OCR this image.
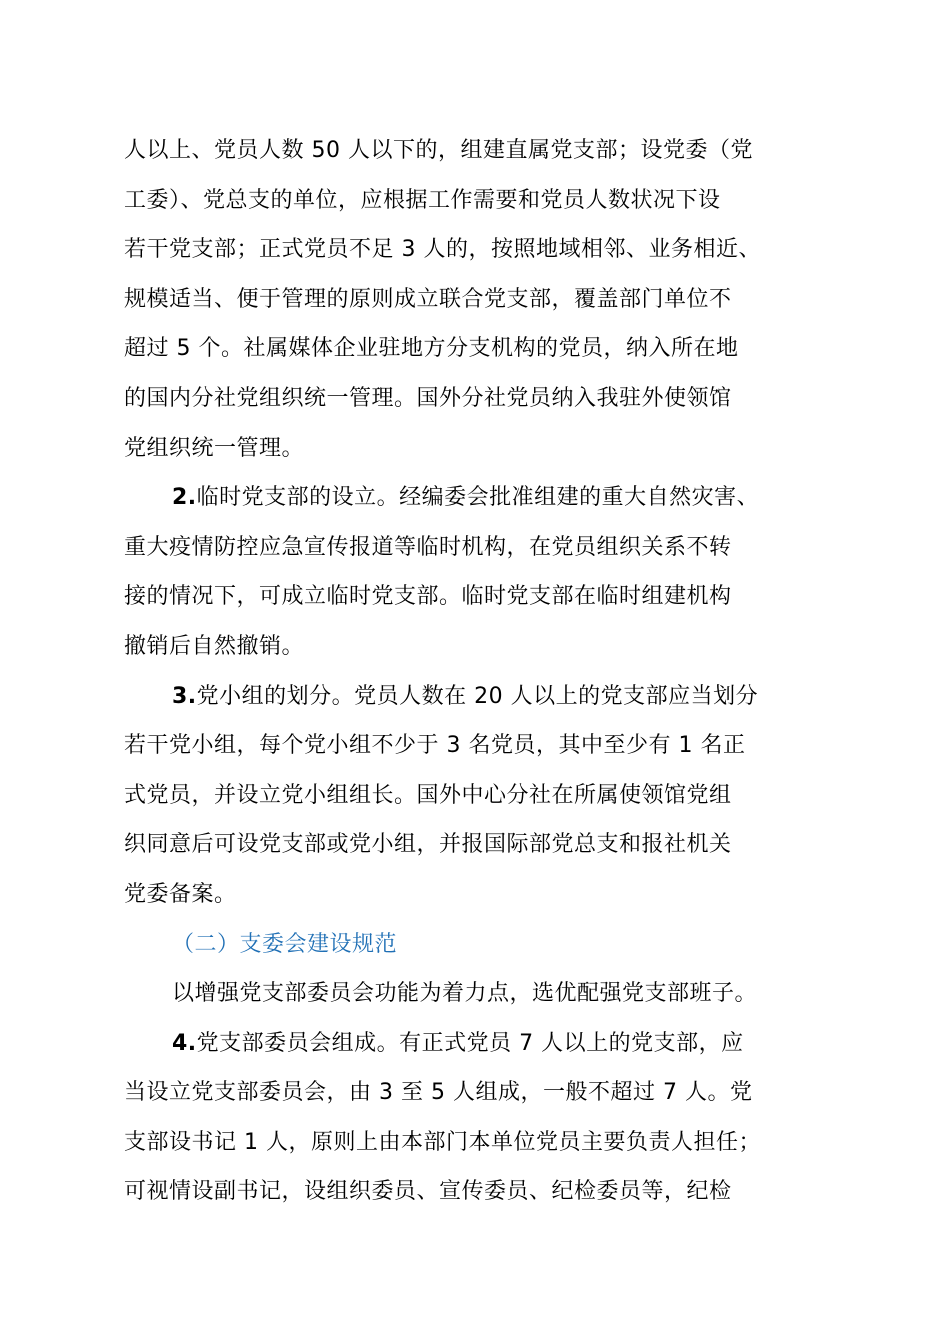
人以上、党员人数 50 人以下的，组建直属党支部；设党委（党
工委）、党总支的单位，应根据工作需要和党员人数状况下设
若干党支部；正式党员不足 3 人的，按照地域相邻、业务相近、
规模适当、便于管理的原则成立联合党支部，覆盖部门单位不
超过 5 个。社属媒体企业驻地方分支机构的党员，纳入所在地
的国内分社党组织统一管理。国外分社党员纳入我驻外使领馆
党组织统一管理。
2.临时党支部的设立。经编委会批准组建的重大自然灾害、
重大疫情防控应急宣传报道等临时机构，在党员组织关系不转
接的情况下，可成立临时党支部。临时党支部在临时组建机构
撤销后自然撤销。
3.党小组的划分。党员人数在 20 人以上的党支部应当划分
若干党小组，每个党小组不少于 3 名党员，其中至少有 1 名正
式党员，并设立党小组组长。国外中心分社在所属使领馆党组
织同意后可设党支部或党小组，并报国际部党总支和报社机关
党委备案。
（二）支委会建设规范
以增强党支部委员会功能为着力点，选优配强党支部班子。
4.党支部委员会组成。有正式党员 7 人以上的党支部，应
当设立党支部委员会，由 3 至 5 人组成，一般不超过 7 人。党
支部设书记 1 人，原则上由本部门本单位党员主要负责人担任；
可视情设副书记，设组织委员、宣传委员、纪检委员等，纪检
